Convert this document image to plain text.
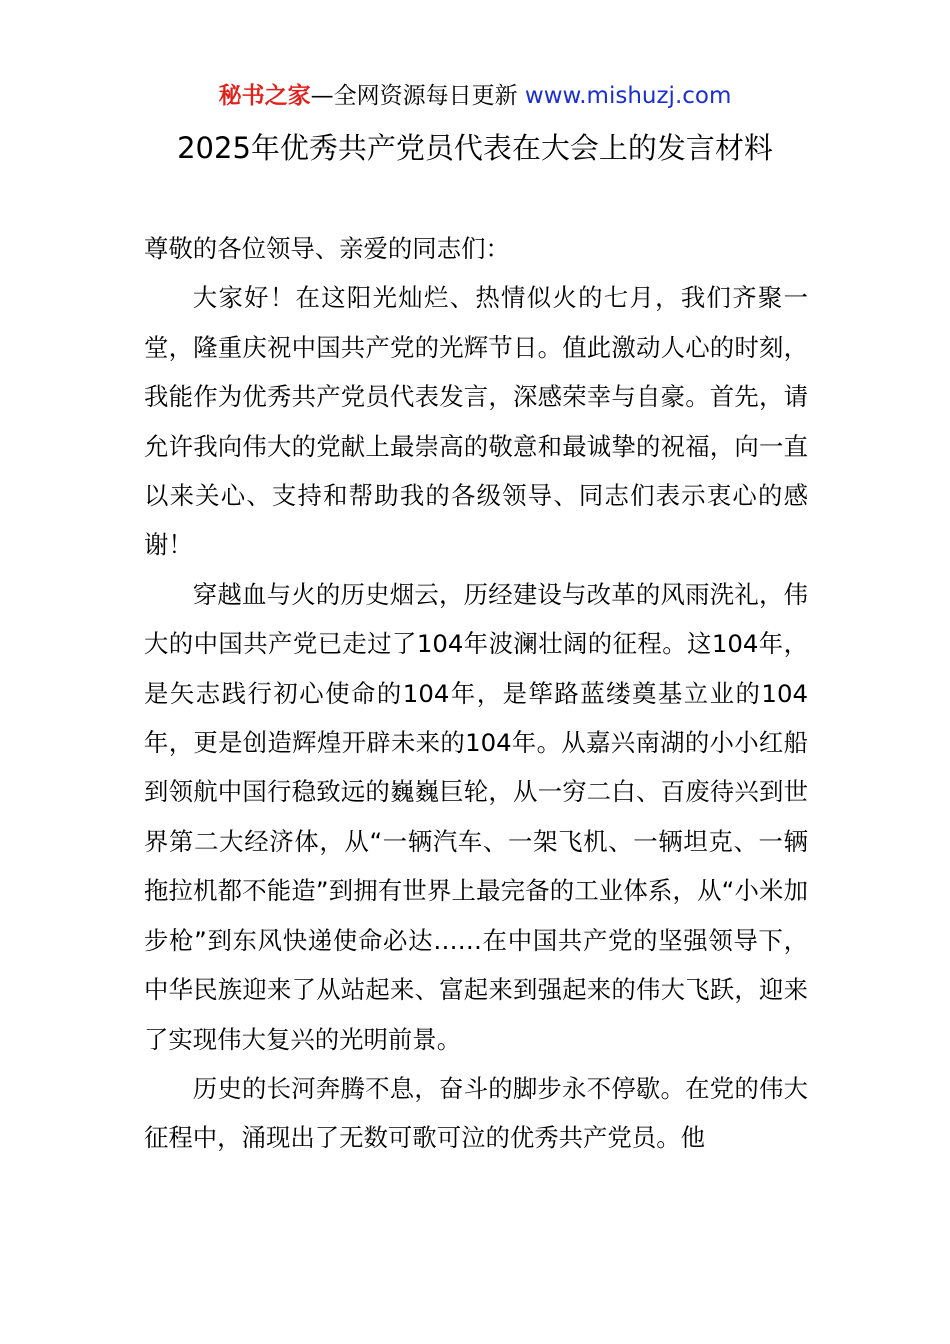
秘书之家—全网资源每日更新 www.mishuzj.com
2025年优秀共产党员代表在大会上的发言材料

尊敬的各位领导、亲爱的同志们：

大家好！在这阳光灿烂、热情似火的七月，我们齐聚一堂，隆重庆祝中国共产党的光辉节日。值此激动人心的时刻，我能作为优秀共产党员代表发言，深感荣幸与自豪。首先，请允许我向伟大的党献上最崇高的敬意和最诚挚的祝福，向一直以来关心、支持和帮助我的各级领导、同志们表示衷心的感谢！

穿越血与火的历史烟云，历经建设与改革的风雨洗礼，伟大的中国共产党已走过了104年波澜壮阔的征程。这104年，是矢志践行初心使命的104年，是筚路蓝缕奠基立业的104年，更是创造辉煌开辟未来的104年。从嘉兴南湖的小小红船到领航中国行稳致远的巍巍巨轮，从一穷二白、百废待兴到世界第二大经济体，从“一辆汽车、一架飞机、一辆坦克、一辆拖拉机都不能造”到拥有世界上最完备的工业体系，从“小米加步枪”到东风快递使命必达……在中国共产党的坚强领导下，中华民族迎来了从站起来、富起来到强起来的伟大飞跃，迎来了实现伟大复兴的光明前景。

历史的长河奔腾不息，奋斗的脚步永不停歇。在党的伟大征程中，涌现出了无数可歌可泣的优秀共产党员。他
